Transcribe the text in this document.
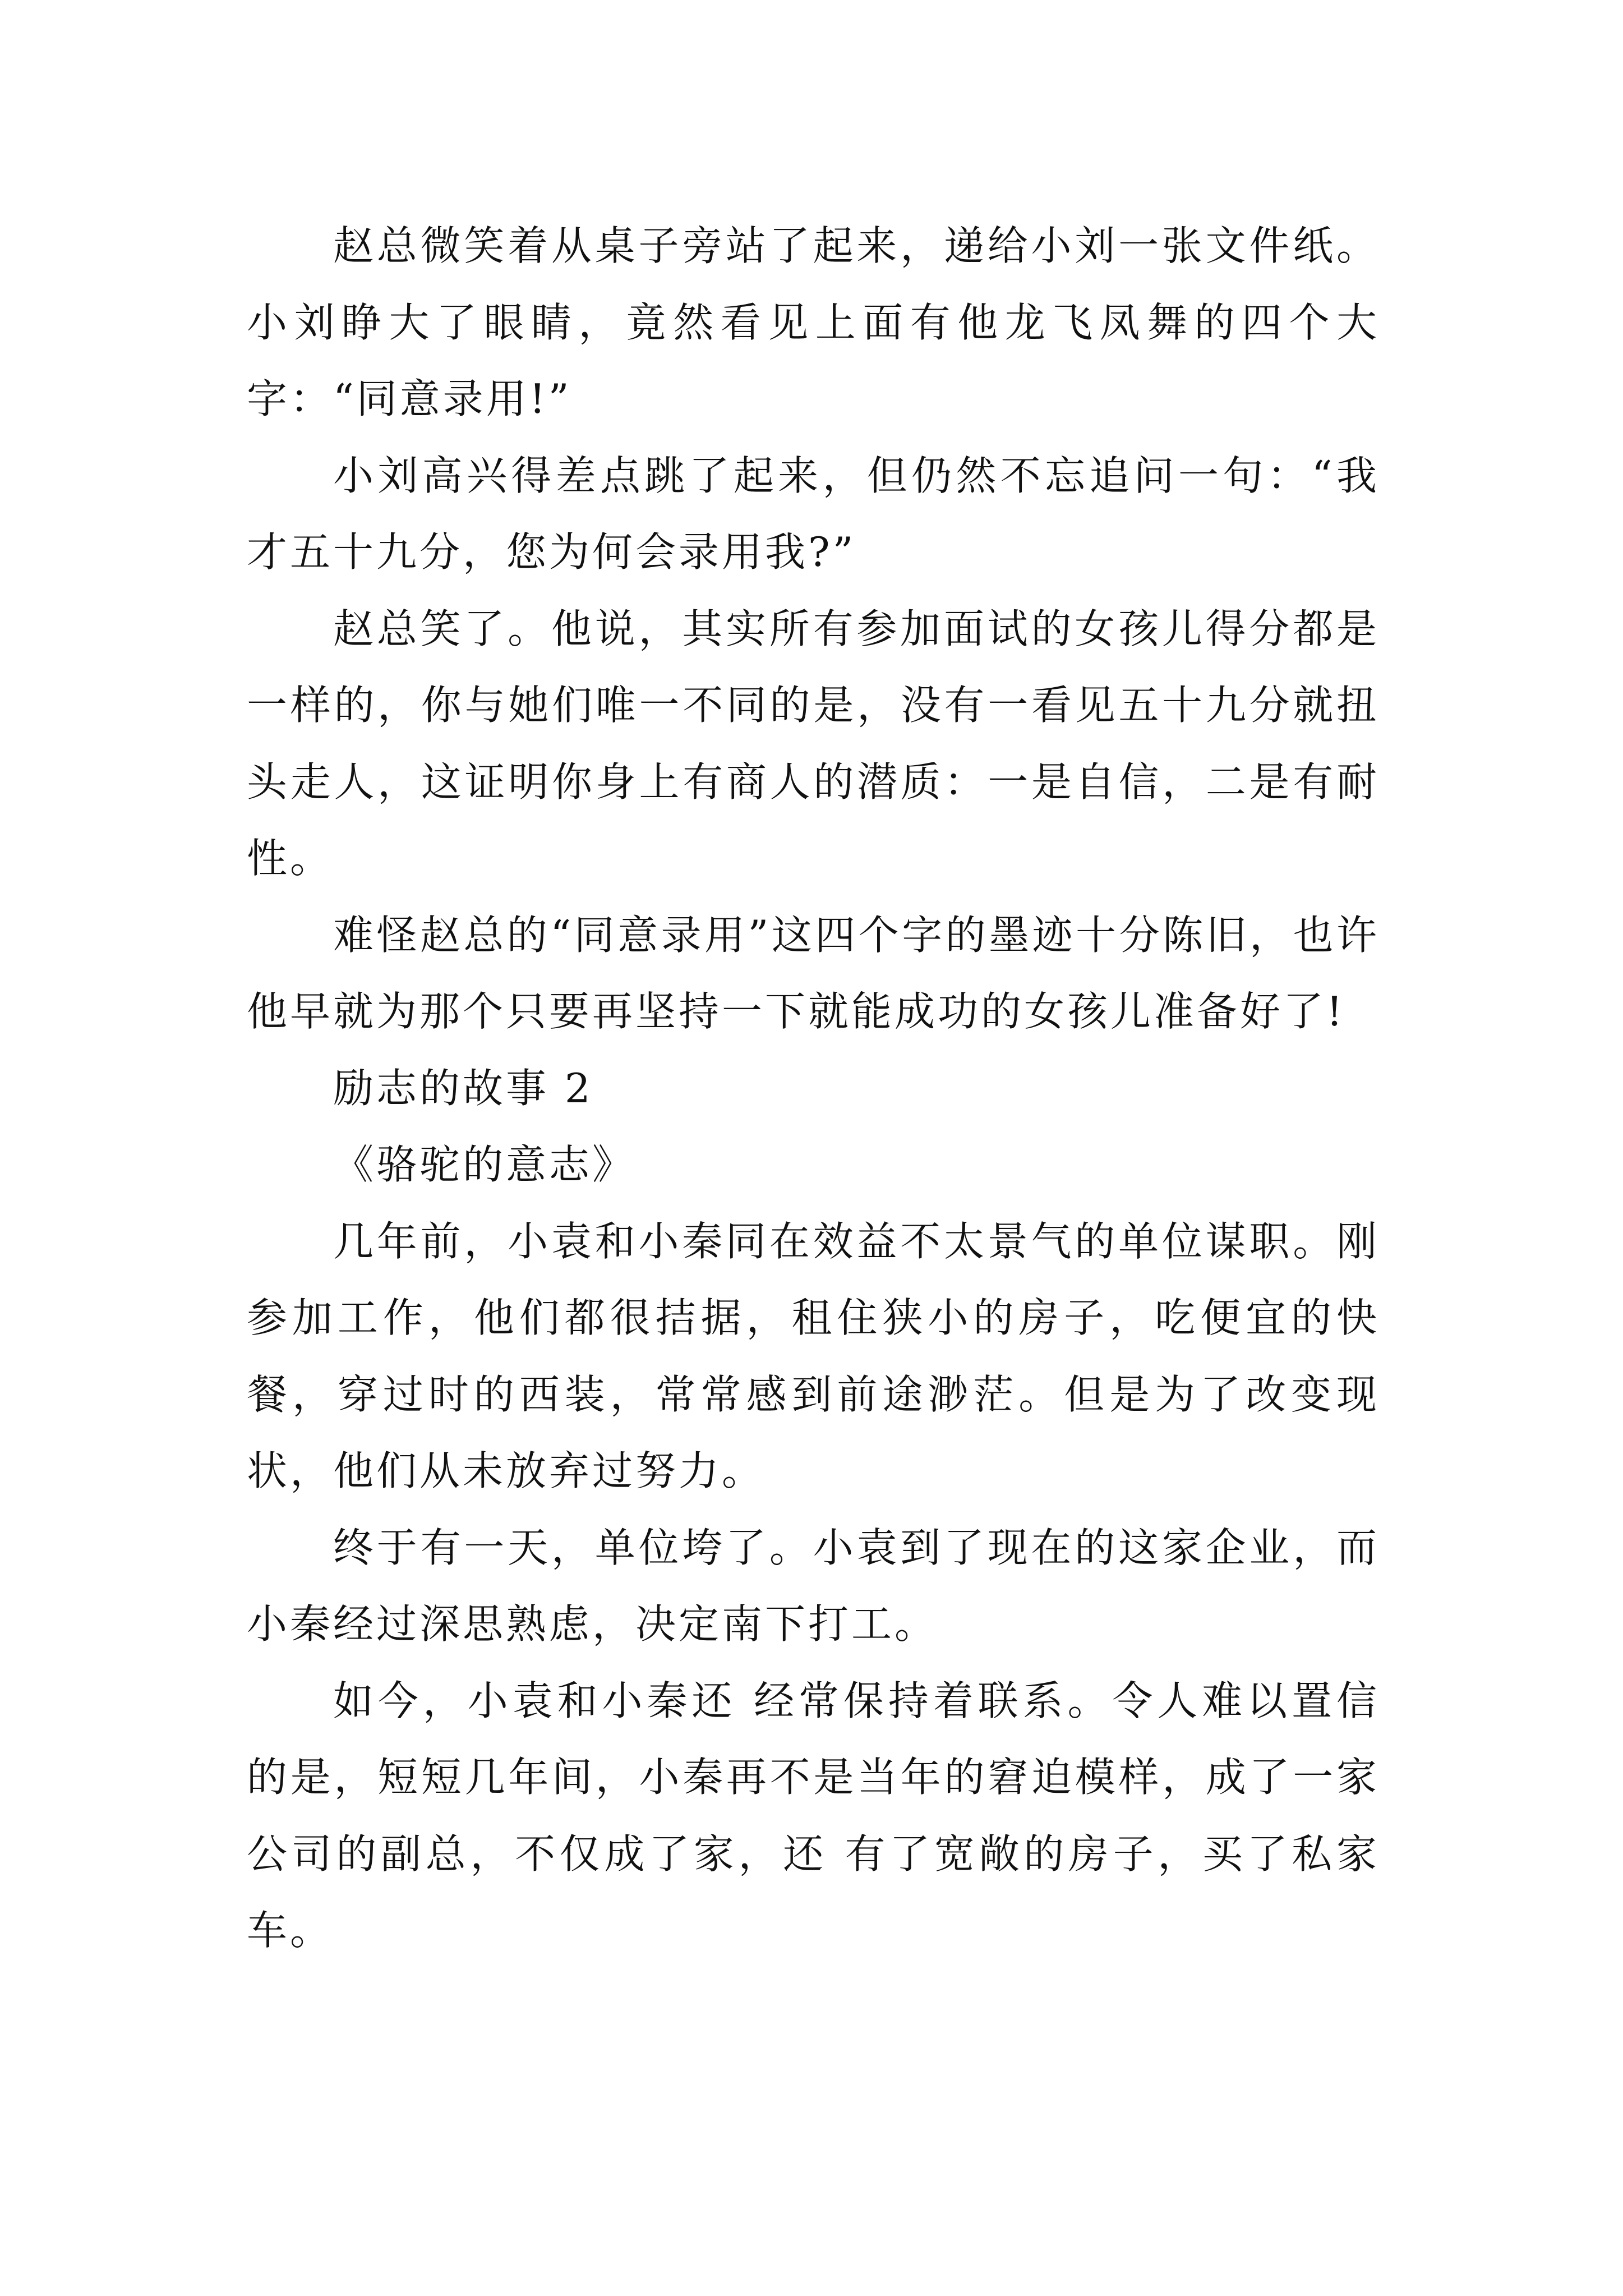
赵总微笑着从桌子旁站了起来，递给小刘一张文件纸。小刘睁大了眼睛，竟然看见上面有他龙飞凤舞的四个大字：“同意录用!”

小刘高兴得差点跳了起来，但仍然不忘追问一句：“我才五十九分，您为何会录用我?”

赵总笑了。他说，其实所有参加面试的女孩儿得分都是一样的，你与她们唯一不同的是，没有一看见五十九分就扭头走人，这证明你身上有商人的潜质：一是自信，二是有耐性。

难怪赵总的“同意录用”这四个字的墨迹十分陈旧，也许他早就为那个只要再坚持一下就能成功的女孩儿准备好了!

励志的故事 2

《骆驼的意志》

几年前，小袁和小秦同在效益不太景气的单位谋职。刚参加工作，他们都很拮据，租住狭小的房子，吃便宜的快餐，穿过时的西装，常常感到前途渺茫。但是为了改变现状，他们从未放弃过努力。

终于有一天，单位垮了。小袁到了现在的这家企业，而小秦经过深思熟虑，决定南下打工。

如今，小袁和小秦还 经常保持着联系。令人难以置信的是，短短几年间，小秦再不是当年的窘迫模样，成了一家公司的副总，不仅成了家，还 有了宽敞的房子，买了私家车。
